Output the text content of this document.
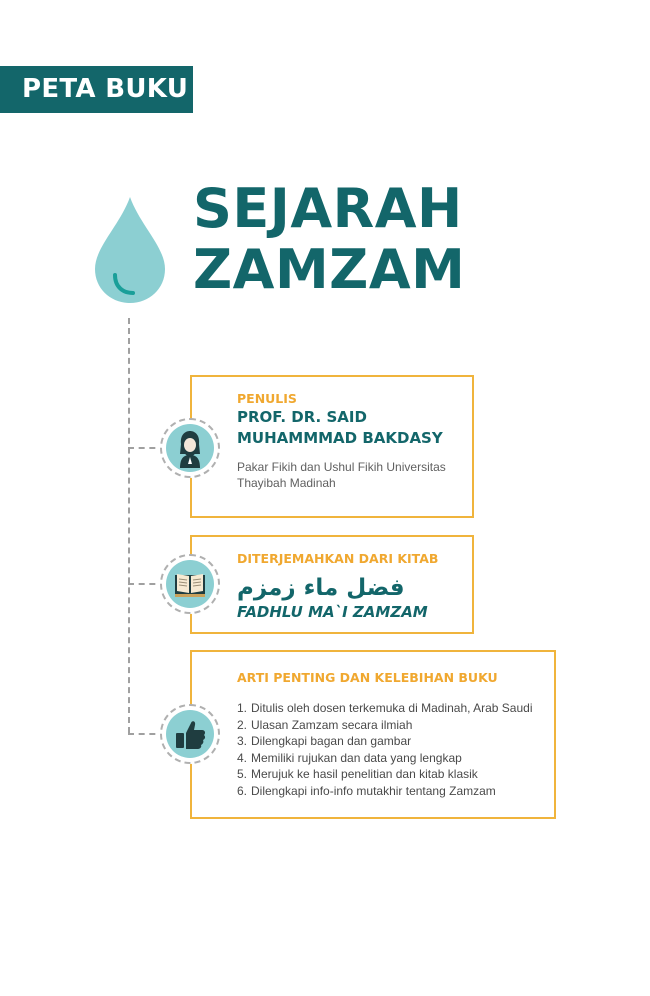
PETA BUKU
SEJARAH
ZAMZAM
PENULIS
PROF. DR. SAID
MUHAMMMAD BAKDASY
Pakar Fikih dan Ushul Fikih Universitas Thayibah Madinah
DITERJEMAHKAN DARI KITAB
فضل ماء زمزم
FADHLU MA`I ZAMZAM
ARTI PENTING DAN KELEBIHAN BUKU
1. Ditulis oleh dosen terkemuka di Madinah, Arab Saudi
2. Ulasan Zamzam secara ilmiah
3. Dilengkapi bagan dan gambar
4. Memiliki rujukan dan data yang lengkap
5. Merujuk ke hasil penelitian dan kitab klasik
6. Dilengkapi info-info mutakhir tentang Zamzam
